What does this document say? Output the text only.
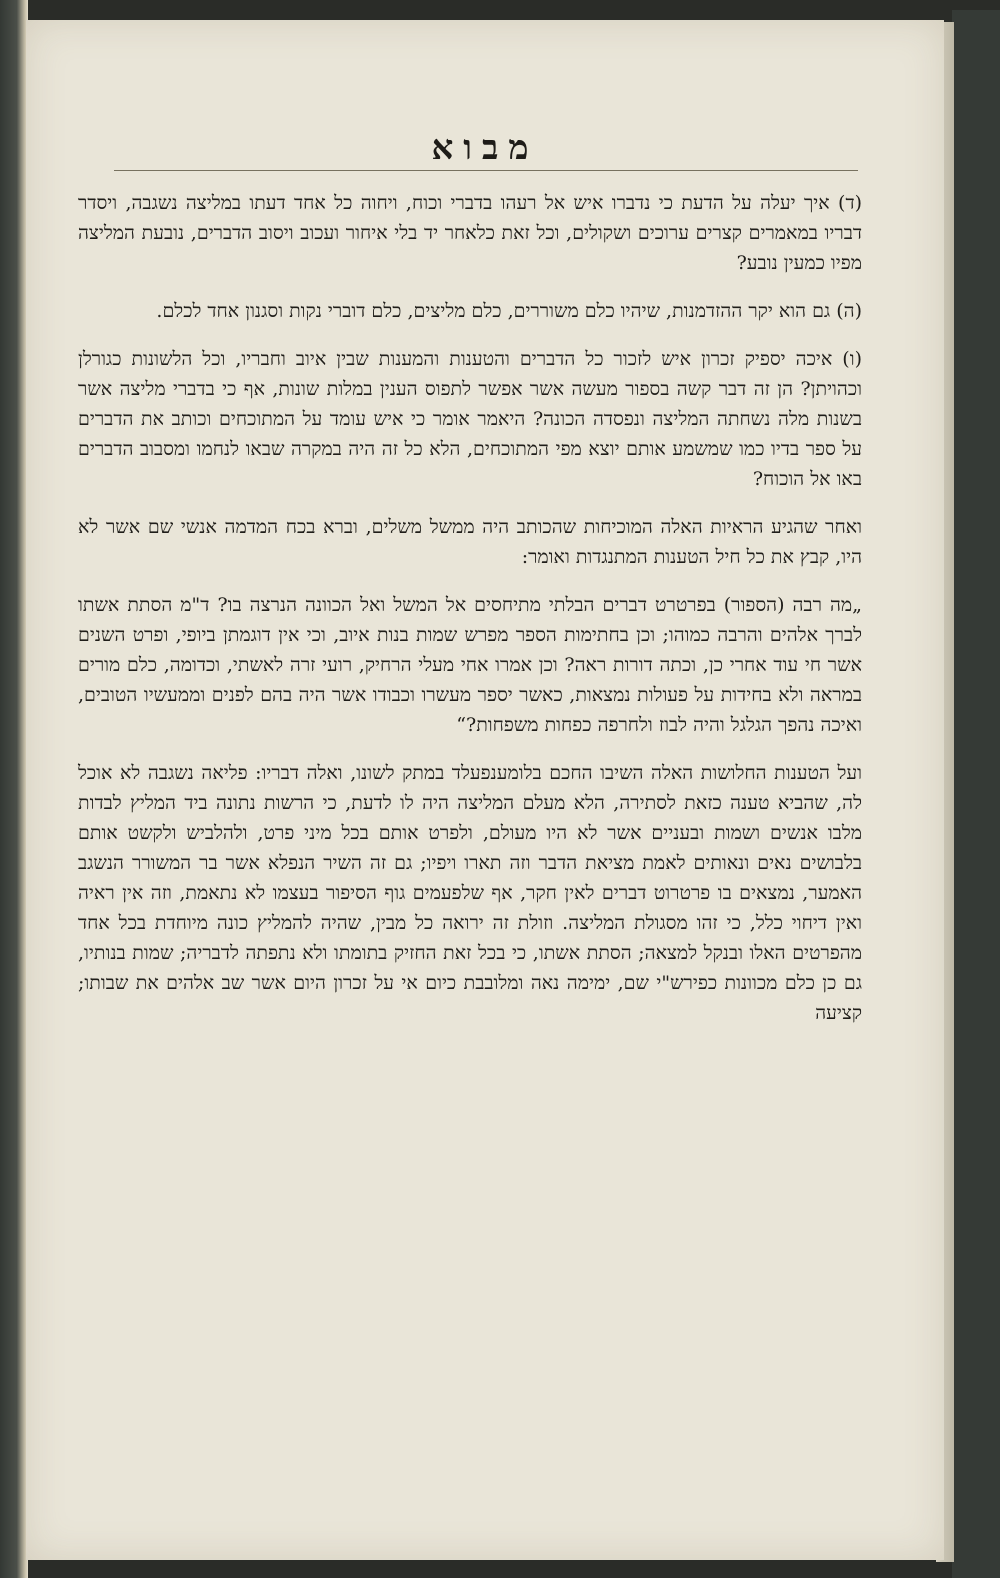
מבוא

(ד) איך יעלה על הדעת כי נדברו איש אל רעהו בדברי וכוח, ויחוה כל אחד דעתו במליצה נשגבה, ויסדר דבריו במאמרים קצרים ערוכים ושקולים, וכל זאת כלאחר יד בלי איחור ועכוב ויסוב הדברים, נובעת המליצה מפיו כמעין נובע?

(ה) גם הוא יקר ההזדמנות, שיהיו כלם משוררים, כלם מליצים, כלם דוברי נקות וסגנון אחד לכלם.

(ו) איכה יספיק זכרון איש לזכור כל הדברים והטענות והמענות שבין איוב וחבריו, וכל הלשונות כגורלן וכהויתן? הן זה דבר קשה בספור מעשה אשר אפשר לתפוס הענין במלות שונות, אף כי בדברי מליצה אשר בשנות מלה נשחתה המליצה ונפסדה הכונה? היאמר אומר כי איש עומד על המתוכחים וכותב את הדברים על ספר בדיו כמו שמשמע אותם יוצא מפי המתוכחים, הלא כל זה היה במקרה שבאו לנחמו ומסבוב הדברים באו אל הוכוח?

ואחר שהגיע הראיות האלה המוכיחות שהכותב היה ממשל משלים, וברא בכח המדמה אנשי שם אשר לא היו, קבץ את כל חיל הטענות המתנגדות ואומר:

„מה רבה (הספור) בפרטרט דברים הבלתי מתיחסים אל המשל ואל הכוונה הנרצה בו? ד"מ הסתת אשתו לברך אלהים והרבה כמוהו; וכן בחתימות הספר מפרש שמות בנות איוב, וכי אין דוגמתן ביופי, ופרט השנים אשר חי עוד אחרי כן, וכתה דורות ראה? וכן אמרו אחי מעלי הרחיק, רועי זרה לאשתי, וכדומה, כלם מורים במראה ולא בחידות על פעולות נמצאות, כאשר יספר מעשרו וכבודו אשר היה בהם לפנים וממעשיו הטובים, ואיכה נהפך הגלגל והיה לבוז ולחרפה כפחות משפחות?“

ועל הטענות החלושות האלה השיבו החכם בלומענפעלד במתק לשונו, ואלה דבריו: פליאה נשגבה לא אוכל לה, שהביא טענה כזאת לסתירה, הלא מעלם המליצה היה לו לדעת, כי הרשות נתונה ביד המליץ לבדות מלבו אנשים ושמות ובעניים אשר לא היו מעולם, ולפרט אותם בכל מיני פרט, ולהלביש ולקשט אותם בלבושים נאים ונאותים לאמת מציאת הדבר וזה תארו ויפיו; גם זה השיר הנפלא אשר בר המשורר הנשגב האמער, נמצאים בו פרטרוט דברים לאין חקר, אף שלפעמים גוף הסיפור בעצמו לא נתאמת, וזה אין ראיה ואין דיחוי כלל, כי זהו מסגולת המליצה. וזולת זה ירואה כל מבין, שהיה להמליץ כונה מיוחדת בכל אחד מהפרטים האלו ובנקל למצאה; הסתת אשתו, כי בכל זאת החזיק בתומתו ולא נתפתה לדבריה; שמות בנותיו, גם כן כלם מכוונות כפירש"י שם, ימימה נאה ומלובבת כיום אי על זכרון היום אשר שב אלהים את שבותו; קציעה
